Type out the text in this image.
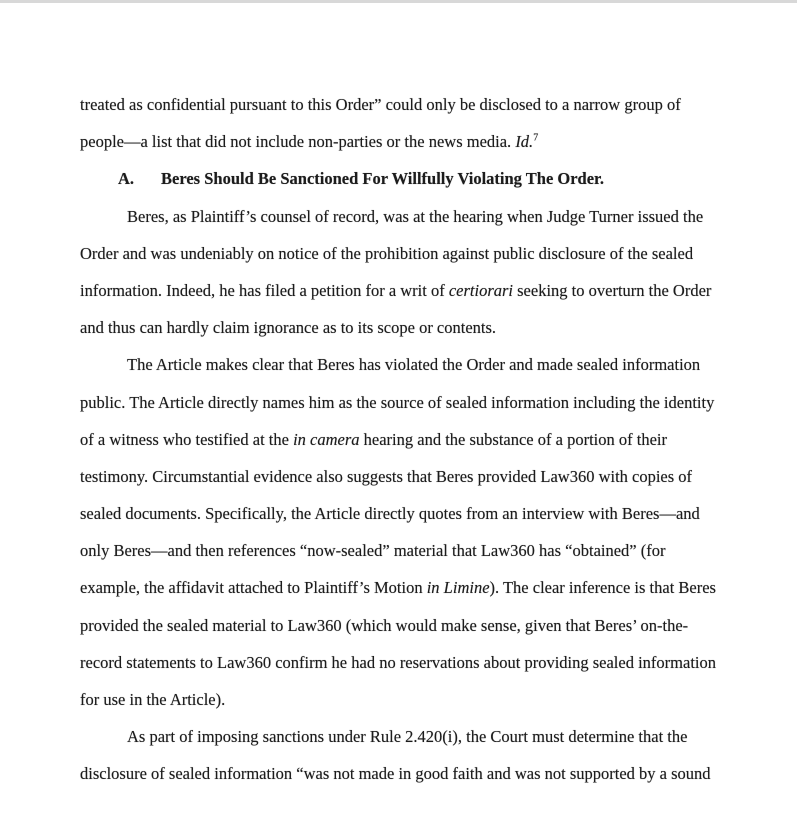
treated as confidential pursuant to this Order” could only be disclosed to a narrow group of
people—a list that did not include non-parties or the news media. Id.$^7$
A. Beres Should Be Sanctioned For Willfully Violating The Order.
Beres, as Plaintiff’s counsel of record, was at the hearing when Judge Turner issued the
Order and was undeniably on notice of the prohibition against public disclosure of the sealed
information. Indeed, he has filed a petition for a writ of certiorari seeking to overturn the Order
and thus can hardly claim ignorance as to its scope or contents.
The Article makes clear that Beres has violated the Order and made sealed information
public. The Article directly names him as the source of sealed information including the identity
of a witness who testified at the in camera hearing and the substance of a portion of their
testimony. Circumstantial evidence also suggests that Beres provided Law360 with copies of
sealed documents. Specifically, the Article directly quotes from an interview with Beres—and
only Beres—and then references “now-sealed” material that Law360 has “obtained” (for
example, the affidavit attached to Plaintiff’s Motion in Limine). The clear inference is that Beres
provided the sealed material to Law360 (which would make sense, given that Beres’ on-the-
record statements to Law360 confirm he had no reservations about providing sealed information
for use in the Article).
As part of imposing sanctions under Rule 2.420(i), the Court must determine that the
disclosure of sealed information “was not made in good faith and was not supported by a sound
